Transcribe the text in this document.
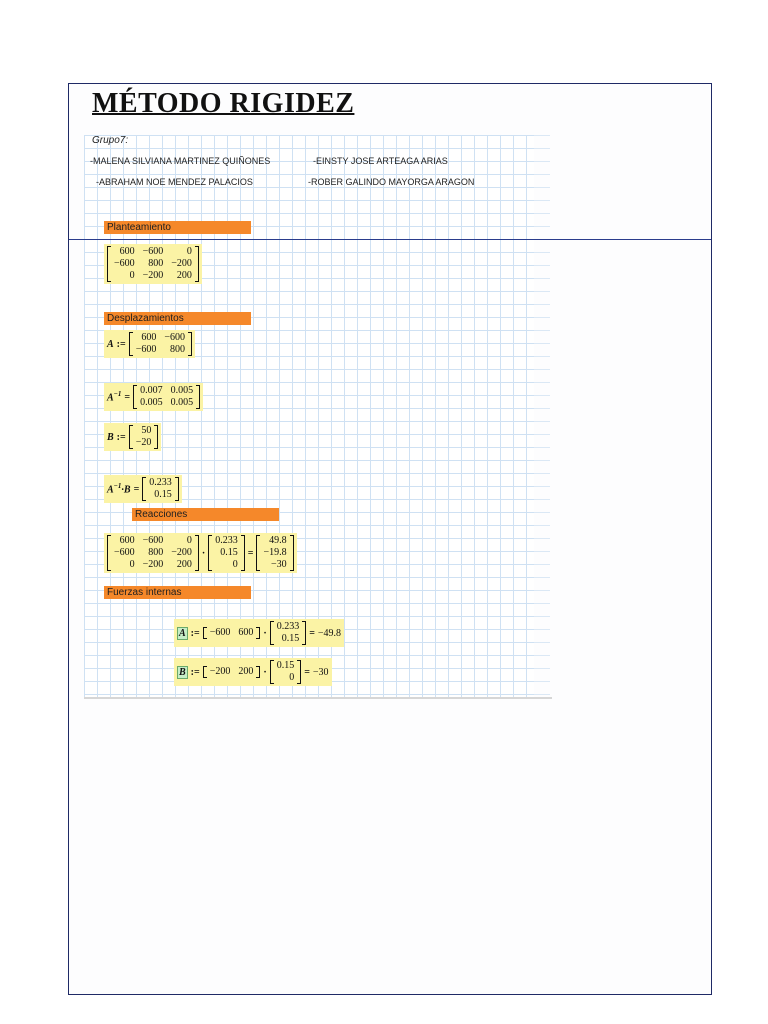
MÉTODO RIGIDEZ
Grupo7:
-MALENA SILVIANA MARTINEZ QUIÑONES	-EINSTY JOSE ARTEAGA ARIAS
-ABRAHAM NOE MENDEZ PALACIOS	-ROBER GALINDO MAYORGA ARAGON
Planteamiento
Desplazamientos
Reacciones
Fuerzas internas
600 −600	0
−600	800 −200
0 −200	200
A :=
600 −600
−600	800
$A^{-1}$ =
0.007 0.005
0.005 0.005
B :=
50
−20
$A^{-1}\cdot B$ =
0.233
0.15
600 −600	0
−600	800 −200
0 −200	200
·
0.233
0.15
0
=
49.8
−19.8
−30
A := −600 600 ·
0.233
0.15 = −49.8
B := −200 200 ·
0.15
0 = −30
